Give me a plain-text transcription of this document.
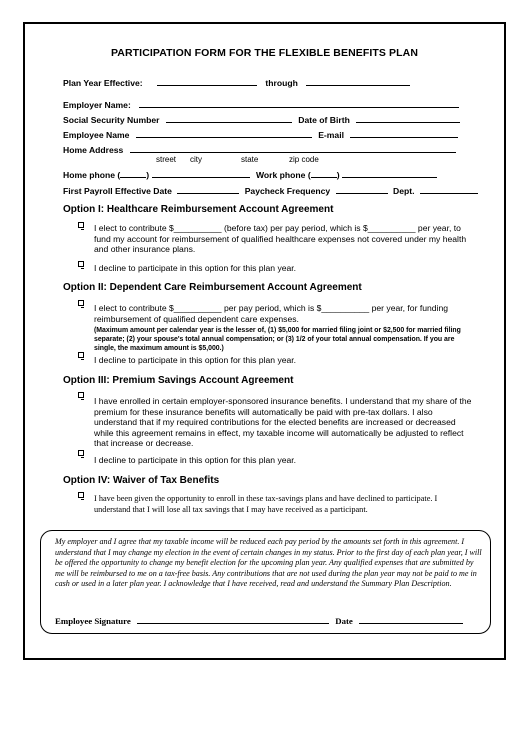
PARTICIPATION FORM FOR THE FLEXIBLE BENEFITS PLAN
Plan Year Effective:	through
Employer Name:
Social Security Number	Date of Birth
Employee Name	E-mail
Home Address
street city	state	zip code
Home phone (	)	Work phone (	)
First Payroll Effective Date	Paycheck Frequency	Dept.
Option I: Healthcare Reimbursement Account Agreement
I elect to contribute $__________ (before tax) per pay period, which is $__________ per year, to fund my account for reimbursement of qualified healthcare expenses not covered under my health and other insurance plans.
I decline to participate in this option for this plan year.
Option II: Dependent Care Reimbursement Account Agreement
I elect to contribute $__________ per pay period, which is $__________ per year, for funding reimbursement of qualified dependent care expenses.
(Maximum amount per calendar year is the lesser of, (1) $5,000 for married filing joint or $2,500 for married filing separate; (2) your spouse's total annual compensation; or (3) 1/2 of your total annual compensation. If you are single, the maximum amount is $5,000.)
I decline to participate in this option for this plan year.
Option III: Premium Savings Account Agreement
I have enrolled in certain employer-sponsored insurance benefits. I understand that my share of the premium for these insurance benefits will automatically be paid with pre-tax dollars. I also understand that if my required contributions for the elected benefits are increased or decreased while this agreement remains in effect, my taxable income will automatically be adjusted to reflect that increase or decrease.
I decline to participate in this option for this plan year.
Option IV: Waiver of Tax Benefits
I have been given the opportunity to enroll in these tax-savings plans and have declined to participate. I understand that I will lose all tax savings that I may have received as a participant.
My employer and I agree that my taxable income will be reduced each pay period by the amounts set forth in this agreement. I understand that I may change my election in the event of certain changes in my status. Prior to the first day of each plan year, I will be offered the opportunity to change my benefit election for the upcoming plan year. Any qualified expenses that are submitted by me will be reimbursed to me on a tax-free basis. Any contributions that are not used during the plan year may not be paid to me in cash or used in a later plan year. I acknowledge that I have received, read and understand the Summary Plan Description.
Employee Signature	Date
